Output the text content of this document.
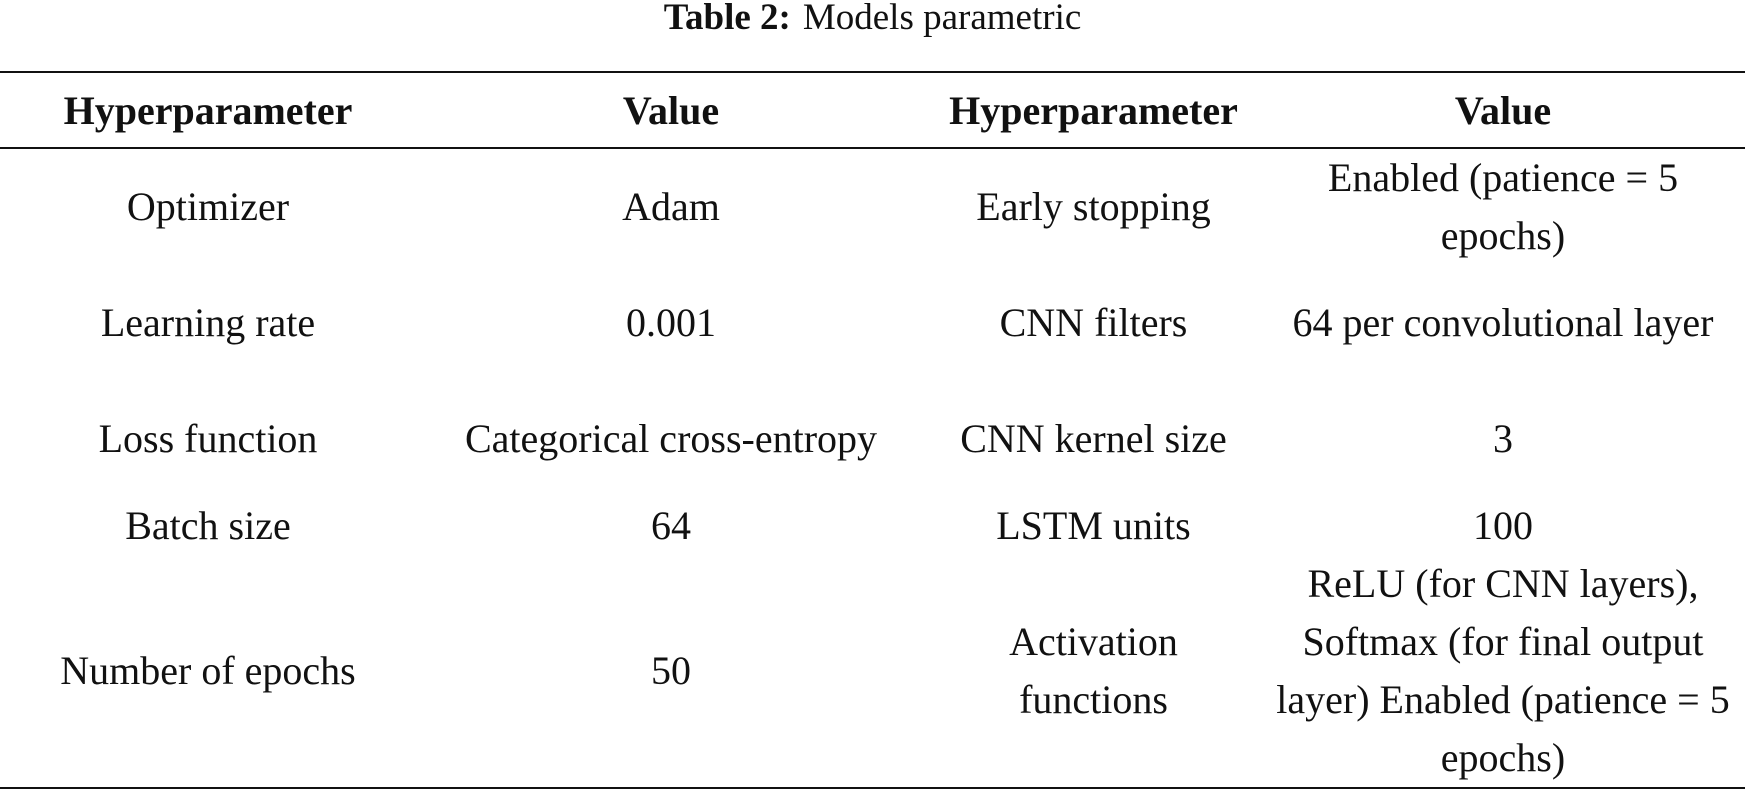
Table 2: Models parametric
Hyperparameter	Value	Hyperparameter	Value
Optimizer	Adam	Early stopping	Enabled (patience = 5 epochs)
Learning rate	0.001	CNN filters	64 per convolutional layer
Loss function	Categorical cross-entropy	CNN kernel size	3
Batch size	64	LSTM units	100
Number of epochs	50	Activation functions	ReLU (for CNN layers), Softmax (for final output layer) Enabled (patience = 5 epochs)
